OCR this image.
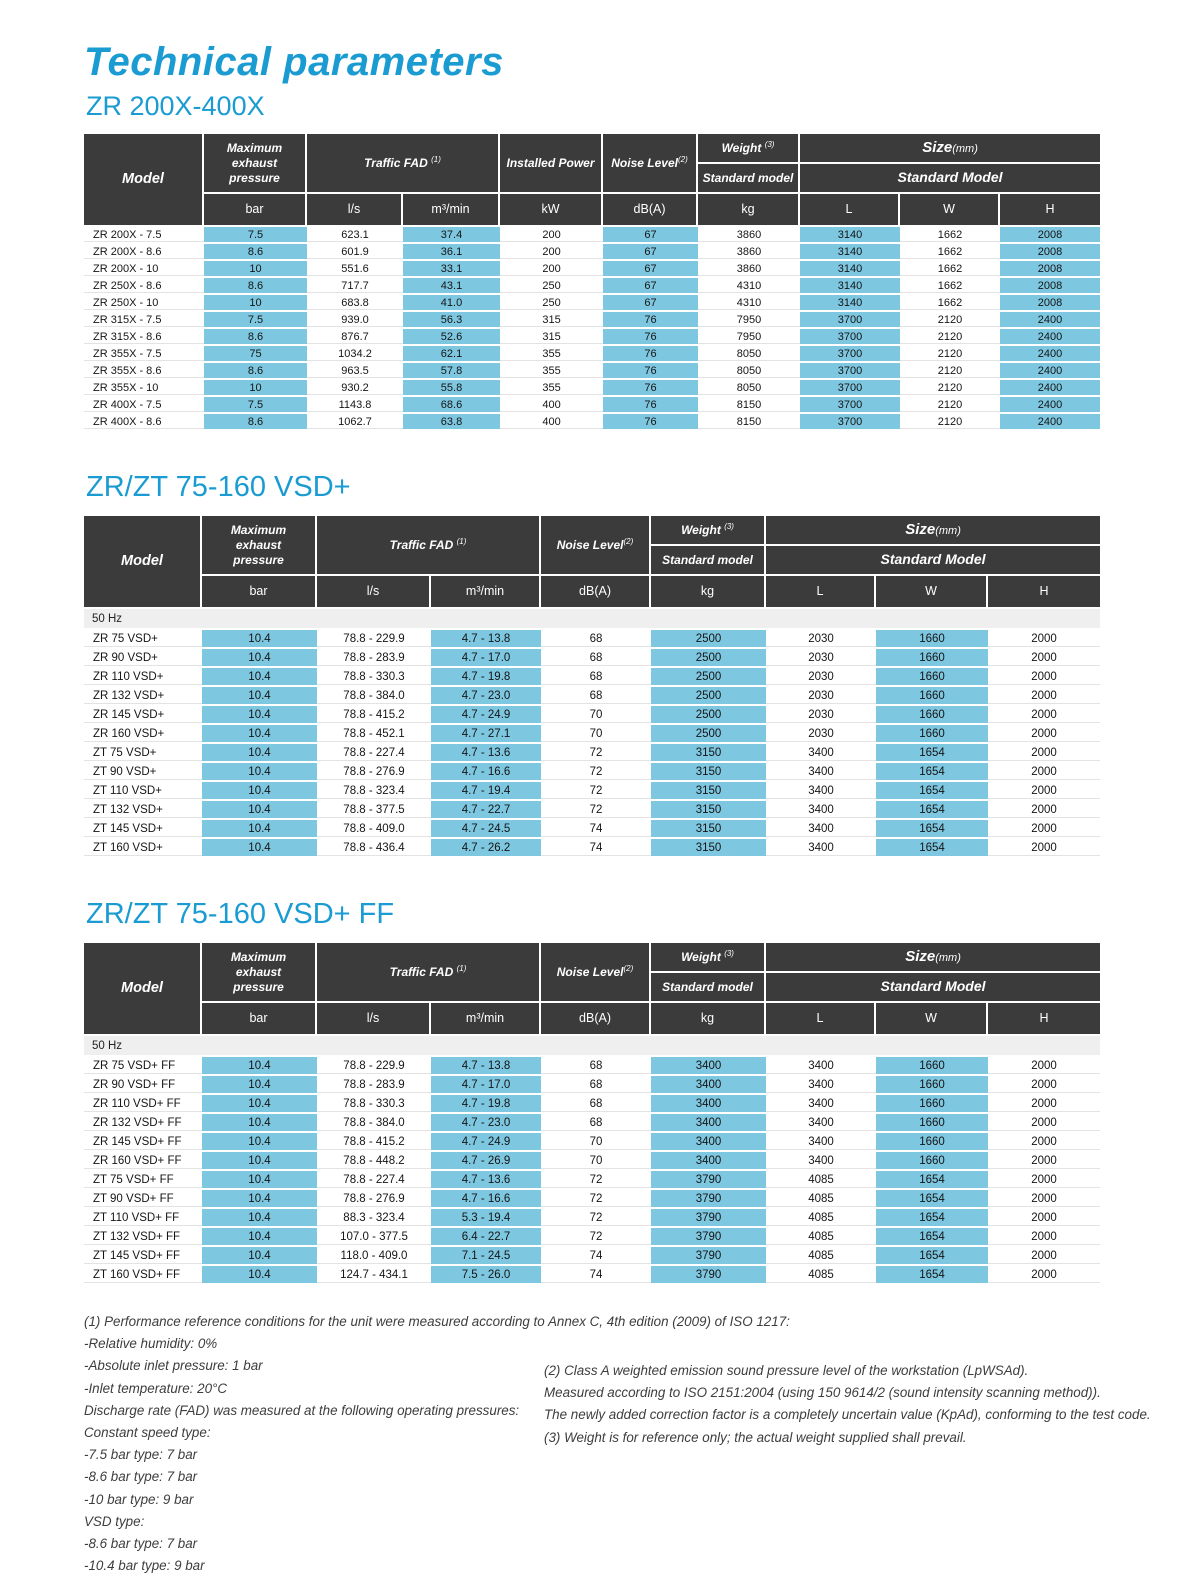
Technical parameters
ZR 200X-400X
Model	Maximum exhaust pressure	Traffic FAD $^{(1)}$		Installed Power	Noise Level$^{(2)}$	Weight $^{(3)}$	Size(mm)		
						Standard model	Standard Model		
	bar	l/s	m³/min	kW	dB(A)	kg	L	W	H
ZR 200X - 7.5	7.5	623.1	37.4	200	67	3860	3140	1662	2008
ZR 200X - 8.6	8.6	601.9	36.1	200	67	3860	3140	1662	2008
ZR 200X - 10	10	551.6	33.1	200	67	3860	3140	1662	2008
ZR 250X - 8.6	8.6	717.7	43.1	250	67	4310	3140	1662	2008
ZR 250X - 10	10	683.8	41.0	250	67	4310	3140	1662	2008
ZR 315X - 7.5	7.5	939.0	56.3	315	76	7950	3700	2120	2400
ZR 315X - 8.6	8.6	876.7	52.6	315	76	7950	3700	2120	2400
ZR 355X - 7.5	75	1034.2	62.1	355	76	8050	3700	2120	2400
ZR 355X - 8.6	8.6	963.5	57.8	355	76	8050	3700	2120	2400
ZR 355X - 10	10	930.2	55.8	355	76	8050	3700	2120	2400
ZR 400X - 7.5	7.5	1143.8	68.6	400	76	8150	3700	2120	2400
ZR 400X - 8.6	8.6	1062.7	63.8	400	76	8150	3700	2120	2400
ZR/ZT 75-160 VSD+
Model	Maximum exhaust pressure	Traffic FAD $^{(1)}$		Noise Level$^{(2)}$	Weight $^{(3)}$	Size(mm)		
					Standard model	Standard Model		
	bar	l/s	m³/min	dB(A)	kg	L	W	H
50 Hz								
ZR 75 VSD+	10.4	78.8 - 229.9	4.7 - 13.8	68	2500	2030	1660	2000
ZR 90 VSD+	10.4	78.8 - 283.9	4.7 - 17.0	68	2500	2030	1660	2000
ZR 110 VSD+	10.4	78.8 - 330.3	4.7 - 19.8	68	2500	2030	1660	2000
ZR 132 VSD+	10.4	78.8 - 384.0	4.7 - 23.0	68	2500	2030	1660	2000
ZR 145 VSD+	10.4	78.8 - 415.2	4.7 - 24.9	70	2500	2030	1660	2000
ZR 160 VSD+	10.4	78.8 - 452.1	4.7 - 27.1	70	2500	2030	1660	2000
ZT 75 VSD+	10.4	78.8 - 227.4	4.7 - 13.6	72	3150	3400	1654	2000
ZT 90 VSD+	10.4	78.8 - 276.9	4.7 - 16.6	72	3150	3400	1654	2000
ZT 110 VSD+	10.4	78.8 - 323.4	4.7 - 19.4	72	3150	3400	1654	2000
ZT 132 VSD+	10.4	78.8 - 377.5	4.7 - 22.7	72	3150	3400	1654	2000
ZT 145 VSD+	10.4	78.8 - 409.0	4.7 - 24.5	74	3150	3400	1654	2000
ZT 160 VSD+	10.4	78.8 - 436.4	4.7 - 26.2	74	3150	3400	1654	2000
ZR/ZT 75-160 VSD+ FF
Model	Maximum exhaust pressure	Traffic FAD $^{(1)}$		Noise Level$^{(2)}$	Weight $^{(3)}$	Size(mm)		
					Standard model	Standard Model		
	bar	l/s	m³/min	dB(A)	kg	L	W	H
50 Hz								
ZR 75 VSD+ FF	10.4	78.8 - 229.9	4.7 - 13.8	68	3400	3400	1660	2000
ZR 90 VSD+ FF	10.4	78.8 - 283.9	4.7 - 17.0	68	3400	3400	1660	2000
ZR 110 VSD+ FF	10.4	78.8 - 330.3	4.7 - 19.8	68	3400	3400	1660	2000
ZR 132 VSD+ FF	10.4	78.8 - 384.0	4.7 - 23.0	68	3400	3400	1660	2000
ZR 145 VSD+ FF	10.4	78.8 - 415.2	4.7 - 24.9	70	3400	3400	1660	2000
ZR 160 VSD+ FF	10.4	78.8 - 448.2	4.7 - 26.9	70	3400	3400	1660	2000
ZT 75 VSD+ FF	10.4	78.8 - 227.4	4.7 - 13.6	72	3790	4085	1654	2000
ZT 90 VSD+ FF	10.4	78.8 - 276.9	4.7 - 16.6	72	3790	4085	1654	2000
ZT 110 VSD+ FF	10.4	88.3 - 323.4	5.3 - 19.4	72	3790	4085	1654	2000
ZT 132 VSD+ FF	10.4	107.0 - 377.5	6.4 - 22.7	72	3790	4085	1654	2000
ZT 145 VSD+ FF	10.4	118.0 - 409.0	7.1 - 24.5	74	3790	4085	1654	2000
ZT 160 VSD+ FF	10.4	124.7 - 434.1	7.5 - 26.0	74	3790	4085	1654	2000
(1) Performance reference conditions for the unit were measured according to Annex C, 4th edition (2009) of ISO 1217:
-Relative humidity: 0%
-Absolute inlet pressure: 1 bar
-Inlet temperature: 20°C
Discharge rate (FAD) was measured at the following operating pressures:
Constant speed type:
-7.5 bar type: 7 bar
-8.6 bar type: 7 bar
-10 bar type: 9 bar
VSD type:
-8.6 bar type: 7 bar
-10.4 bar type: 9 bar
(2) Class A weighted emission sound pressure level of the workstation (LpWSAd).
Measured according to ISO 2151:2004 (using 150 9614/2 (sound intensity scanning method)).
The newly added correction factor is a completely uncertain value (KpAd), conforming to the test code.
(3) Weight is for reference only; the actual weight supplied shall prevail.
